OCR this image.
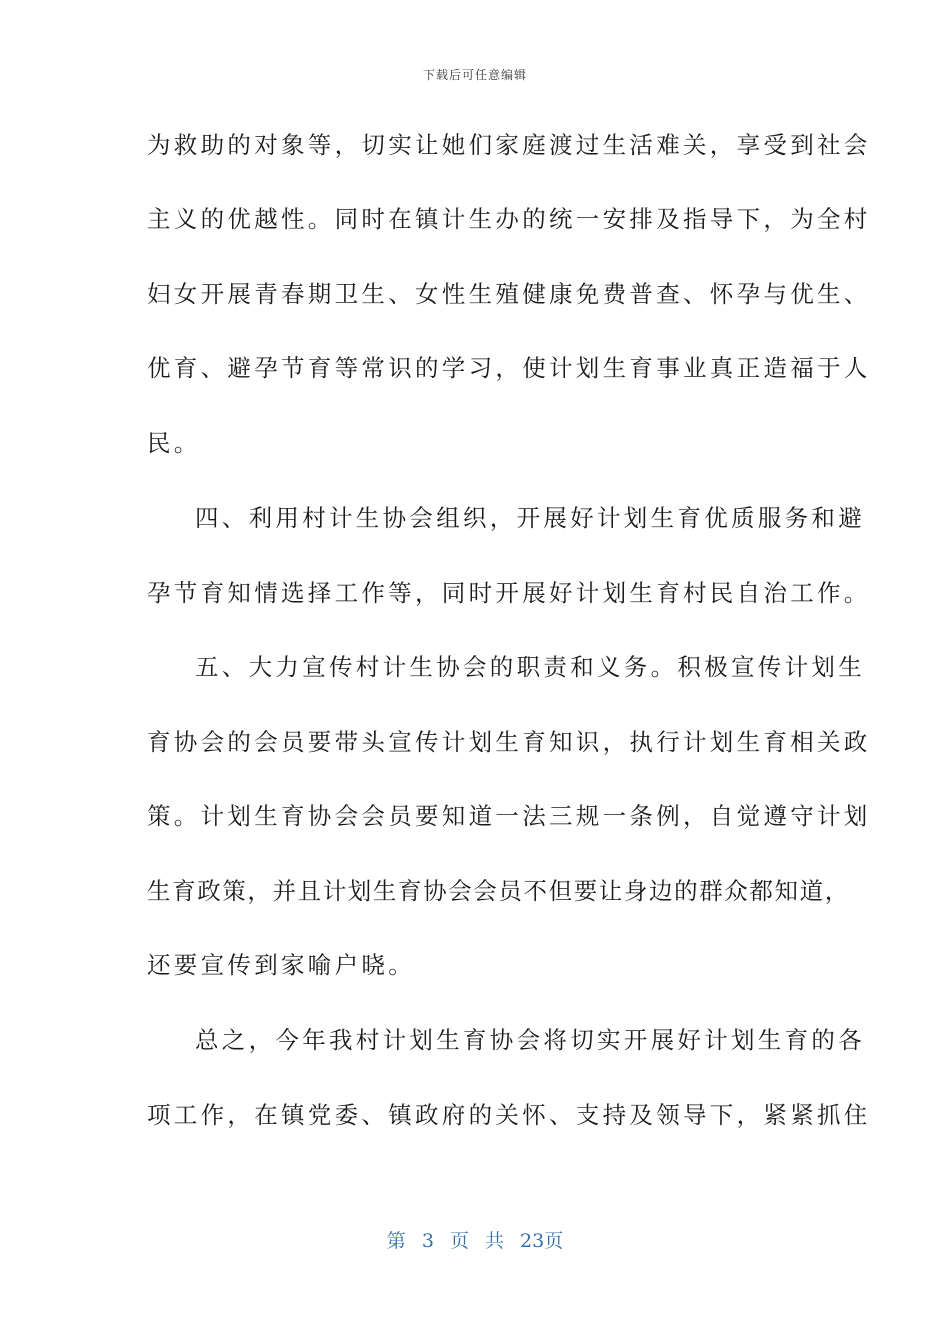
下载后可任意编辑
为救助的对象等，切实让她们家庭渡过生活难关，享受到社会
主义的优越性。同时在镇计生办的统一安排及指导下，为全村
妇女开展青春期卫生、女性生殖健康免费普查、怀孕与优生、
优育、避孕节育等常识的学习，使计划生育事业真正造福于人
民。
四、利用村计生协会组织，开展好计划生育优质服务和避
孕节育知情选择工作等，同时开展好计划生育村民自治工作。
五、大力宣传村计生协会的职责和义务。积极宣传计划生
育协会的会员要带头宣传计划生育知识，执行计划生育相关政
策。计划生育协会会员要知道一法三规一条例，自觉遵守计划
生育政策，并且计划生育协会会员不但要让身边的群众都知道，
还要宣传到家喻户晓。
总之，今年我村计划生育协会将切实开展好计划生育的各
项工作，在镇党委、镇政府的关怀、支持及领导下，紧紧抓住
第 3 页 共 23页
